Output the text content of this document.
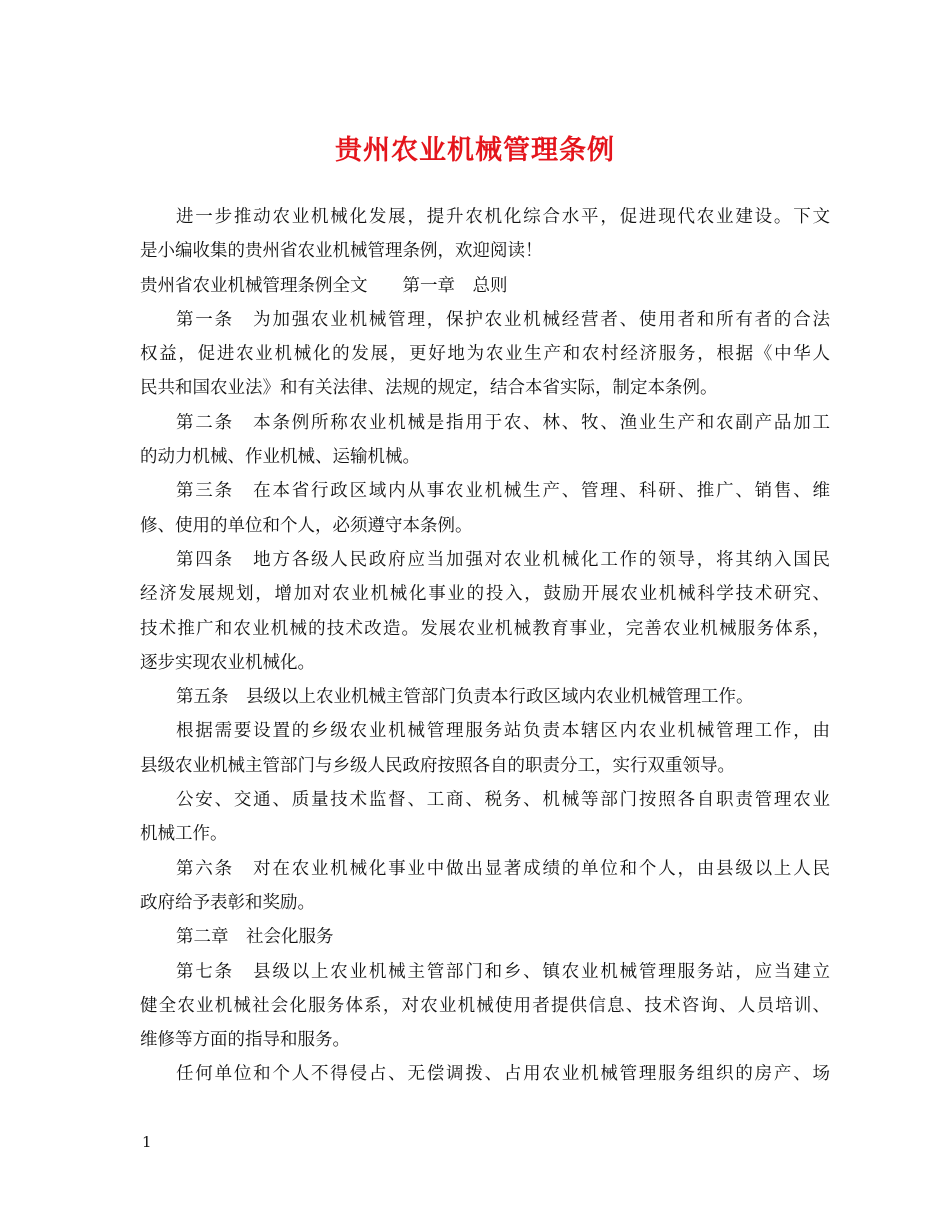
贵州农业机械管理条例
进一步推动农业机械化发展，提升农机化综合水平，促进现代农业建设。下文
是小编收集的贵州省农业机械管理条例，欢迎阅读！
贵州省农业机械管理条例全文　　第一章　总则
第一条　为加强农业机械管理，保护农业机械经营者、使用者和所有者的合法
权益，促进农业机械化的发展，更好地为农业生产和农村经济服务，根据《中华人
民共和国农业法》和有关法律、法规的规定，结合本省实际，制定本条例。
第二条　本条例所称农业机械是指用于农、林、牧、渔业生产和农副产品加工
的动力机械、作业机械、运输机械。
第三条　在本省行政区域内从事农业机械生产、管理、科研、推广、销售、维
修、使用的单位和个人，必须遵守本条例。
第四条　地方各级人民政府应当加强对农业机械化工作的领导，将其纳入国民
经济发展规划，增加对农业机械化事业的投入，鼓励开展农业机械科学技术研究、
技术推广和农业机械的技术改造。发展农业机械教育事业，完善农业机械服务体系，
逐步实现农业机械化。
第五条　县级以上农业机械主管部门负责本行政区域内农业机械管理工作。
根据需要设置的乡级农业机械管理服务站负责本辖区内农业机械管理工作，由
县级农业机械主管部门与乡级人民政府按照各自的职责分工，实行双重领导。
公安、交通、质量技术监督、工商、税务、机械等部门按照各自职责管理农业
机械工作。
第六条　对在农业机械化事业中做出显著成绩的单位和个人，由县级以上人民
政府给予表彰和奖励。
第二章　社会化服务
第七条　县级以上农业机械主管部门和乡、镇农业机械管理服务站，应当建立
健全农业机械社会化服务体系，对农业机械使用者提供信息、技术咨询、人员培训、
维修等方面的指导和服务。
任何单位和个人不得侵占、无偿调拨、占用农业机械管理服务组织的房产、场
1
